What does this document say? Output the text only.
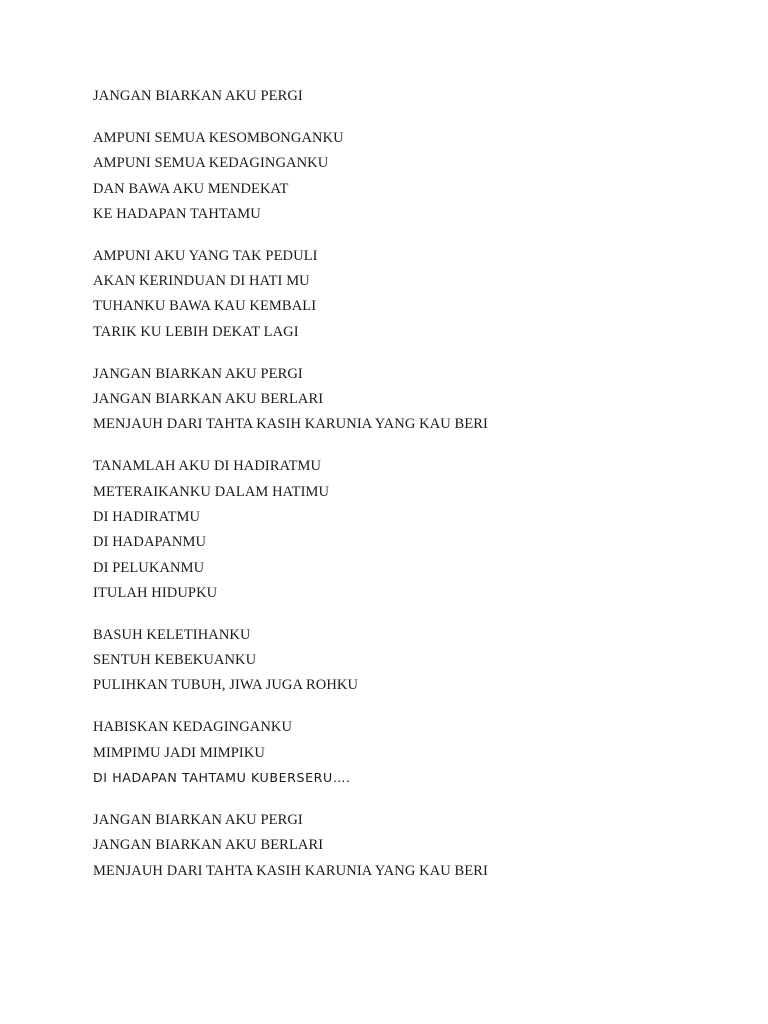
JANGAN BIARKAN AKU PERGI
AMPUNI SEMUA KESOMBONGANKU
AMPUNI SEMUA KEDAGINGANKU
DAN BAWA AKU MENDEKAT
KE HADAPAN TAHTAMU
AMPUNI AKU YANG TAK PEDULI
AKAN KERINDUAN DI HATI MU
TUHANKU BAWA KAU KEMBALI
TARIK KU LEBIH DEKAT LAGI
JANGAN BIARKAN AKU PERGI
JANGAN BIARKAN AKU BERLARI
MENJAUH DARI TAHTA KASIH KARUNIA YANG KAU BERI
TANAMLAH AKU DI HADIRATMU
METERAIKANKU DALAM HATIMU
DI HADIRATMU
DI HADAPANMU
DI PELUKANMU
ITULAH HIDUPKU
BASUH KELETIHANKU
SENTUH KEBEKUANKU
PULIHKAN TUBUH, JIWA JUGA ROHKU
HABISKAN KEDAGINGANKU
MIMPIMU JADI MIMPIKU
DI HADAPAN TAHTAMU KUBERSERU….
JANGAN BIARKAN AKU PERGI
JANGAN BIARKAN AKU BERLARI
MENJAUH DARI TAHTA KASIH KARUNIA YANG KAU BERI
